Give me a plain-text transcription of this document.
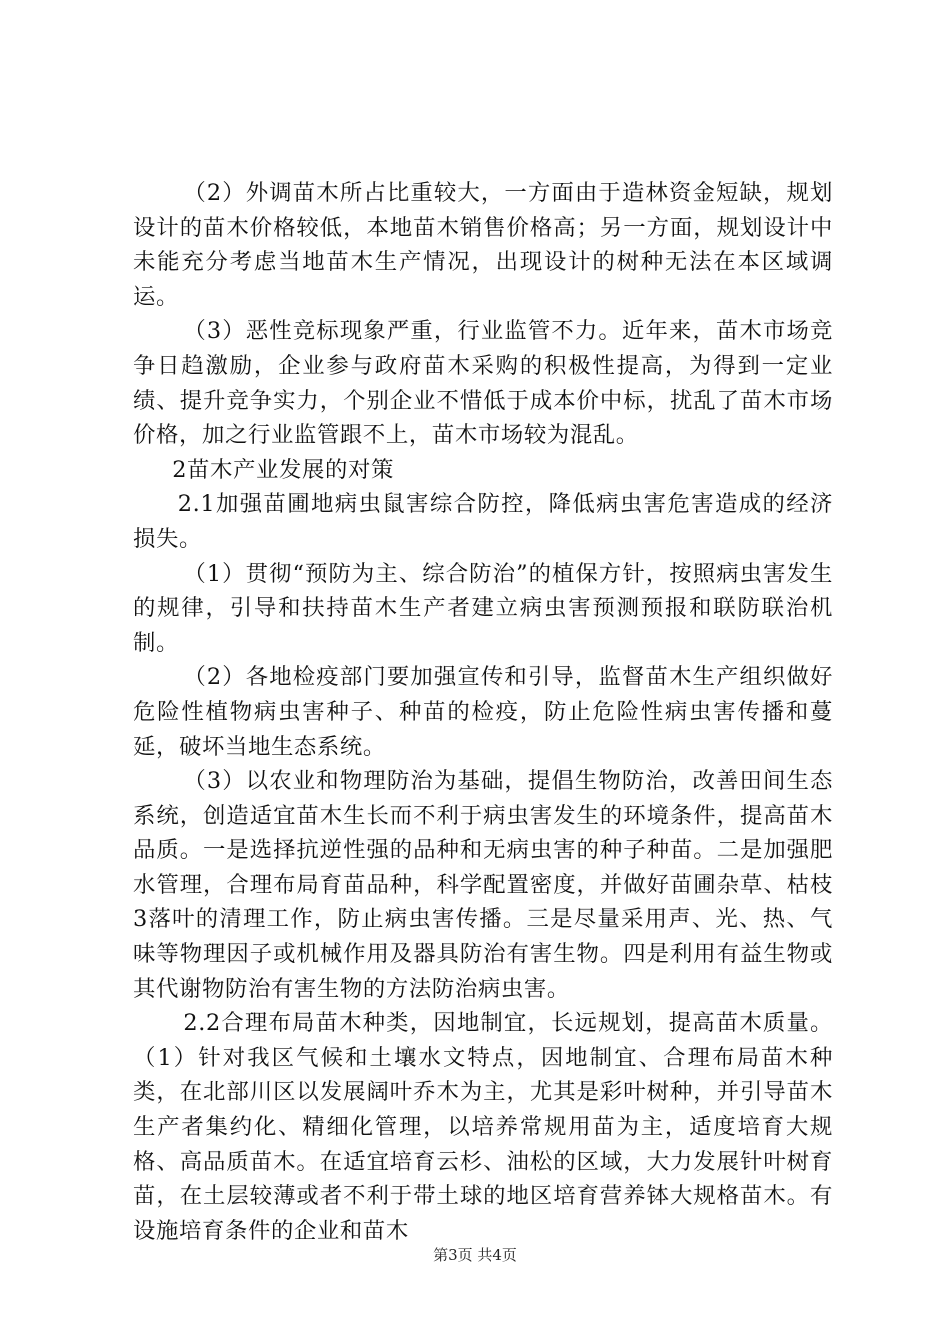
（2）外调苗木所占比重较大，一方面由于造林资金短缺，规划设计的苗木价格较低，本地苗木销售价格高；另一方面，规划设计中未能充分考虑当地苗木生产情况，出现设计的树种无法在本区域调运。

（3）恶性竞标现象严重，行业监管不力。近年来，苗木市场竞争日趋激励，企业参与政府苗木采购的积极性提高，为得到一定业绩、提升竞争实力，个别企业不惜低于成本价中标，扰乱了苗木市场价格，加之行业监管跟不上，苗木市场较为混乱。

2苗木产业发展的对策

2.1加强苗圃地病虫鼠害综合防控，降低病虫害危害造成的经济损失。

（1）贯彻“预防为主、综合防治”的植保方针，按照病虫害发生的规律，引导和扶持苗木生产者建立病虫害预测预报和联防联治机制。

（2）各地检疫部门要加强宣传和引导，监督苗木生产组织做好危险性植物病虫害种子、种苗的检疫，防止危险性病虫害传播和蔓延，破坏当地生态系统。

（3）以农业和物理防治为基础，提倡生物防治，改善田间生态系统，创造适宜苗木生长而不利于病虫害发生的环境条件，提高苗木品质。一是选择抗逆性强的品种和无病虫害的种子种苗。二是加强肥水管理，合理布局育苗品种，科学配置密度，并做好苗圃杂草、枯枝3落叶的清理工作，防止病虫害传播。三是尽量采用声、光、热、气味等物理因子或机械作用及器具防治有害生物。四是利用有益生物或其代谢物防治有害生物的方法防治病虫害。

2.2合理布局苗木种类，因地制宜，长远规划，提高苗木质量。（1）针对我区气候和土壤水文特点，因地制宜、合理布局苗木种类，在北部川区以发展阔叶乔木为主，尤其是彩叶树种，并引导苗木生产者集约化、精细化管理，以培养常规用苗为主，适度培育大规格、高品质苗木。在适宜培育云杉、油松的区域，大力发展针叶树育苗，在土层较薄或者不利于带土球的地区培育营养钵大规格苗木。有设施培育条件的企业和苗木

第3页 共4页
